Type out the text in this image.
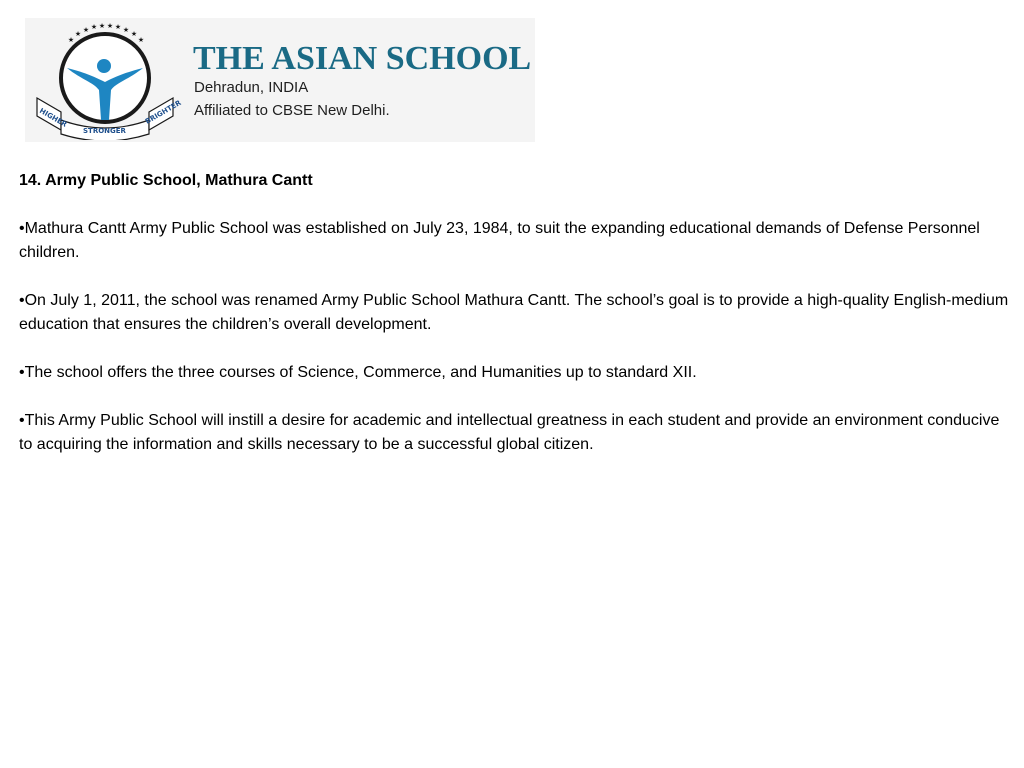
★
★ ★ ★ ★ ★ ★ ★ ★
★
HIGHER
STRONGER
BRIGHTER
THE ASIAN SCHOOL
Dehradun, INDIA
Affiliated to CBSE New Delhi.
14. Army Public School, Mathura Cantt

•Mathura Cantt Army Public School was established on July 23, 1984, to suit the expanding educational demands of Defense Personnel children.

•On July 1, 2011, the school was renamed Army Public School Mathura Cantt. The school’s goal is to provide a high-quality English-medium education that ensures the children’s overall development.

•The school offers the three courses of Science, Commerce, and Humanities up to standard XII.

•This Army Public School will instill a desire for academic and intellectual greatness in each student and provide an environment conducive to acquiring the information and skills necessary to be a successful global citizen.
